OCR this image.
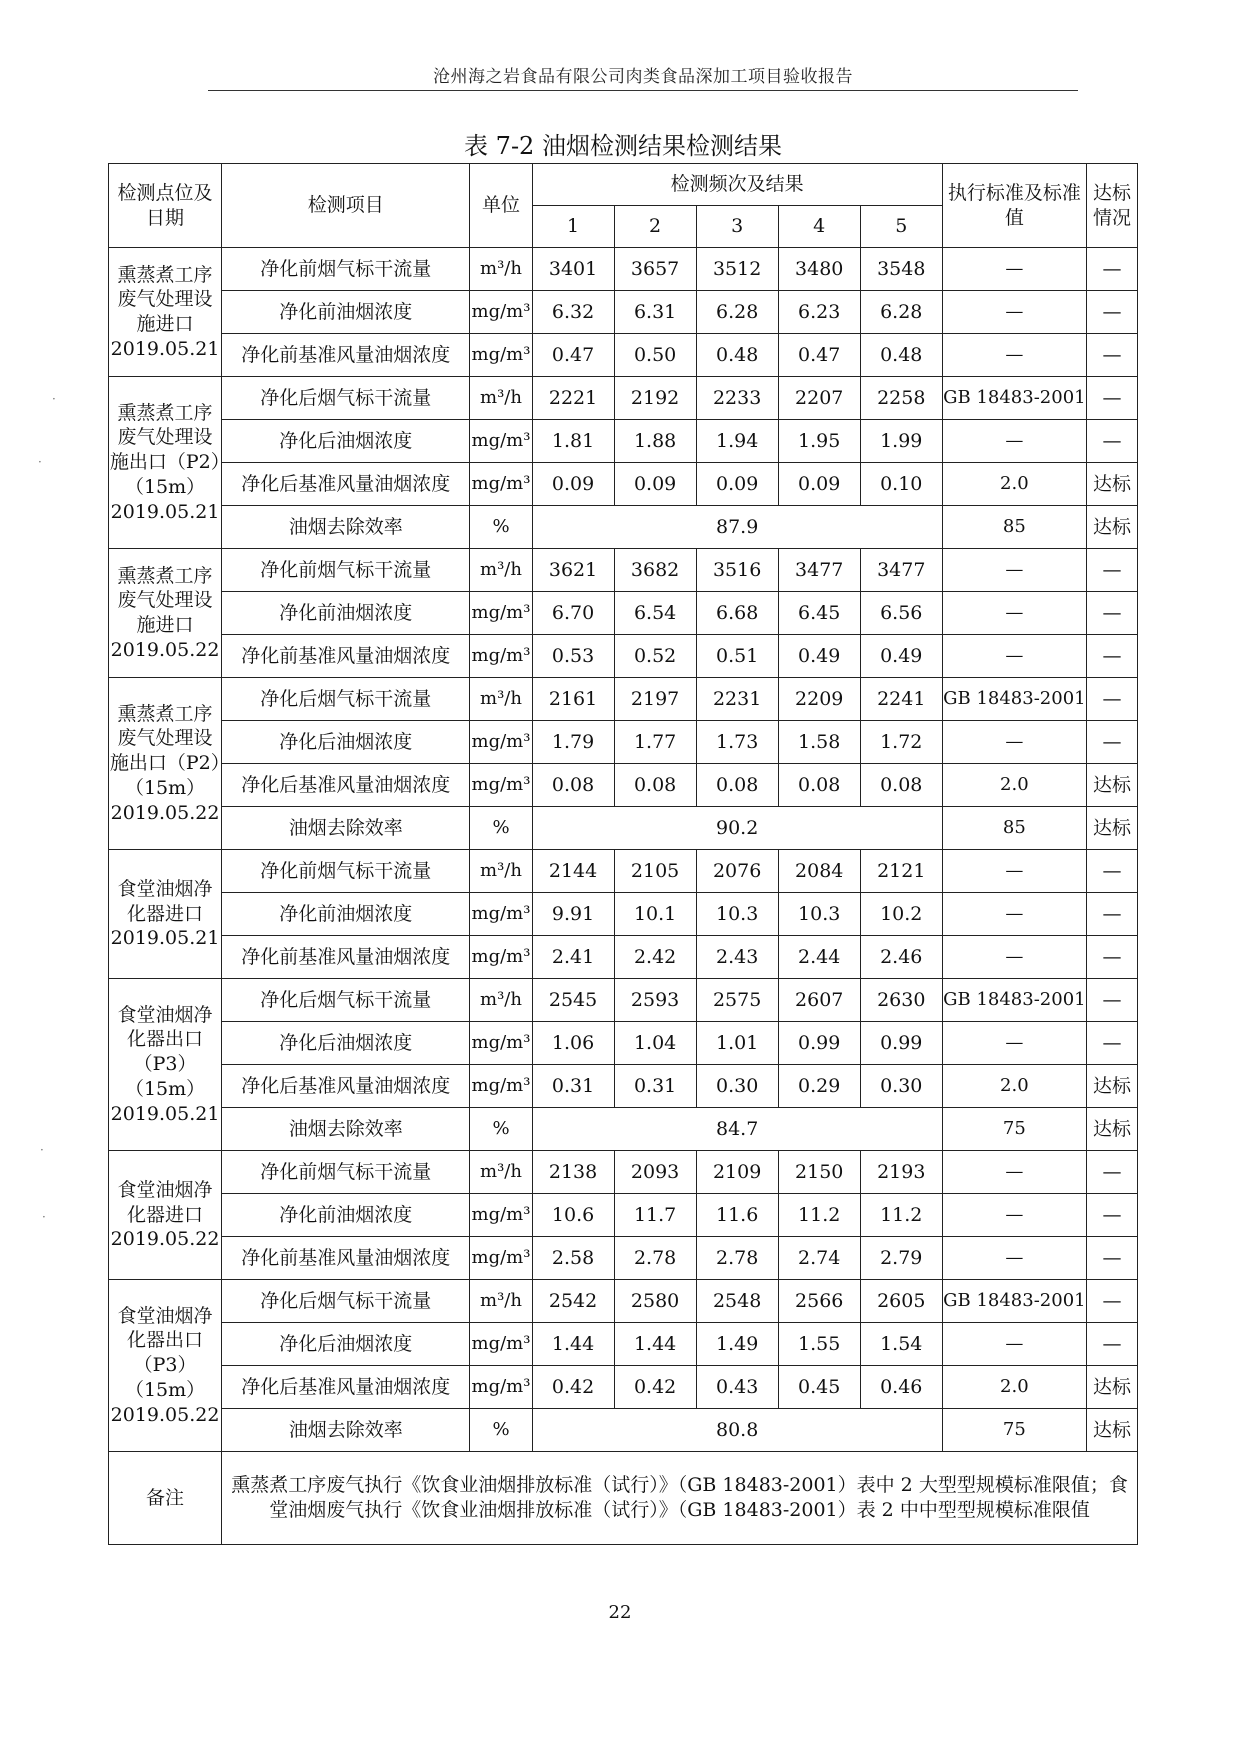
沧州海之岩食品有限公司肉类食品深加工项目验收报告
表 7-2 油烟检测结果检测结果
检测点位及日期	检测项目	单位	检测频次及结果					执行标准及标准值	达标情况
			1	2	3	4	5		
熏蒸煮工序废气处理设施进口2019.05.21	净化前烟气标干流量	m³/h	3401	3657	3512	3480	3548	—	—
	净化前油烟浓度	mg/m³	6.32	6.31	6.28	6.23	6.28	—	—
	净化前基准风量油烟浓度	mg/m³	0.47	0.50	0.48	0.47	0.48	—	—
熏蒸煮工序废气处理设施出口（P2）（15m）2019.05.21	净化后烟气标干流量	m³/h	2221	2192	2233	2207	2258	GB 18483-2001	—
	净化后油烟浓度	mg/m³	1.81	1.88	1.94	1.95	1.99	—	—
	净化后基准风量油烟浓度	mg/m³	0.09	0.09	0.09	0.09	0.10	2.0	达标
	油烟去除效率	%	87.9					85	达标
熏蒸煮工序废气处理设施进口2019.05.22	净化前烟气标干流量	m³/h	3621	3682	3516	3477	3477	—	—
	净化前油烟浓度	mg/m³	6.70	6.54	6.68	6.45	6.56	—	—
	净化前基准风量油烟浓度	mg/m³	0.53	0.52	0.51	0.49	0.49	—	—
熏蒸煮工序废气处理设施出口（P2）（15m）2019.05.22	净化后烟气标干流量	m³/h	2161	2197	2231	2209	2241	GB 18483-2001	—
	净化后油烟浓度	mg/m³	1.79	1.77	1.73	1.58	1.72	—	—
	净化后基准风量油烟浓度	mg/m³	0.08	0.08	0.08	0.08	0.08	2.0	达标
	油烟去除效率	%	90.2					85	达标
食堂油烟净化器进口2019.05.21	净化前烟气标干流量	m³/h	2144	2105	2076	2084	2121	—	—
	净化前油烟浓度	mg/m³	9.91	10.1	10.3	10.3	10.2	—	—
	净化前基准风量油烟浓度	mg/m³	2.41	2.42	2.43	2.44	2.46	—	—
食堂油烟净化器出口（P3）（15m）2019.05.21	净化后烟气标干流量	m³/h	2545	2593	2575	2607	2630	GB 18483-2001	—
	净化后油烟浓度	mg/m³	1.06	1.04	1.01	0.99	0.99	—	—
	净化后基准风量油烟浓度	mg/m³	0.31	0.31	0.30	0.29	0.30	2.0	达标
	油烟去除效率	%	84.7					75	达标
食堂油烟净化器进口2019.05.22	净化前烟气标干流量	m³/h	2138	2093	2109	2150	2193	—	—
	净化前油烟浓度	mg/m³	10.6	11.7	11.6	11.2	11.2	—	—
	净化前基准风量油烟浓度	mg/m³	2.58	2.78	2.78	2.74	2.79	—	—
食堂油烟净化器出口（P3）（15m）2019.05.22	净化后烟气标干流量	m³/h	2542	2580	2548	2566	2605	GB 18483-2001	—
	净化后油烟浓度	mg/m³	1.44	1.44	1.49	1.55	1.54	—	—
	净化后基准风量油烟浓度	mg/m³	0.42	0.42	0.43	0.45	0.46	2.0	达标
	油烟去除效率	%	80.8					75	达标
备注	熏蒸煮工序废气执行《饮食业油烟排放标准（试行）》（GB 18483-2001）表中 2 大型型规模标准限值；食堂油烟废气执行《饮食业油烟排放标准（试行）》（GB 18483-2001）表 2 中中型型规模标准限值								
22
·
·
·
·
